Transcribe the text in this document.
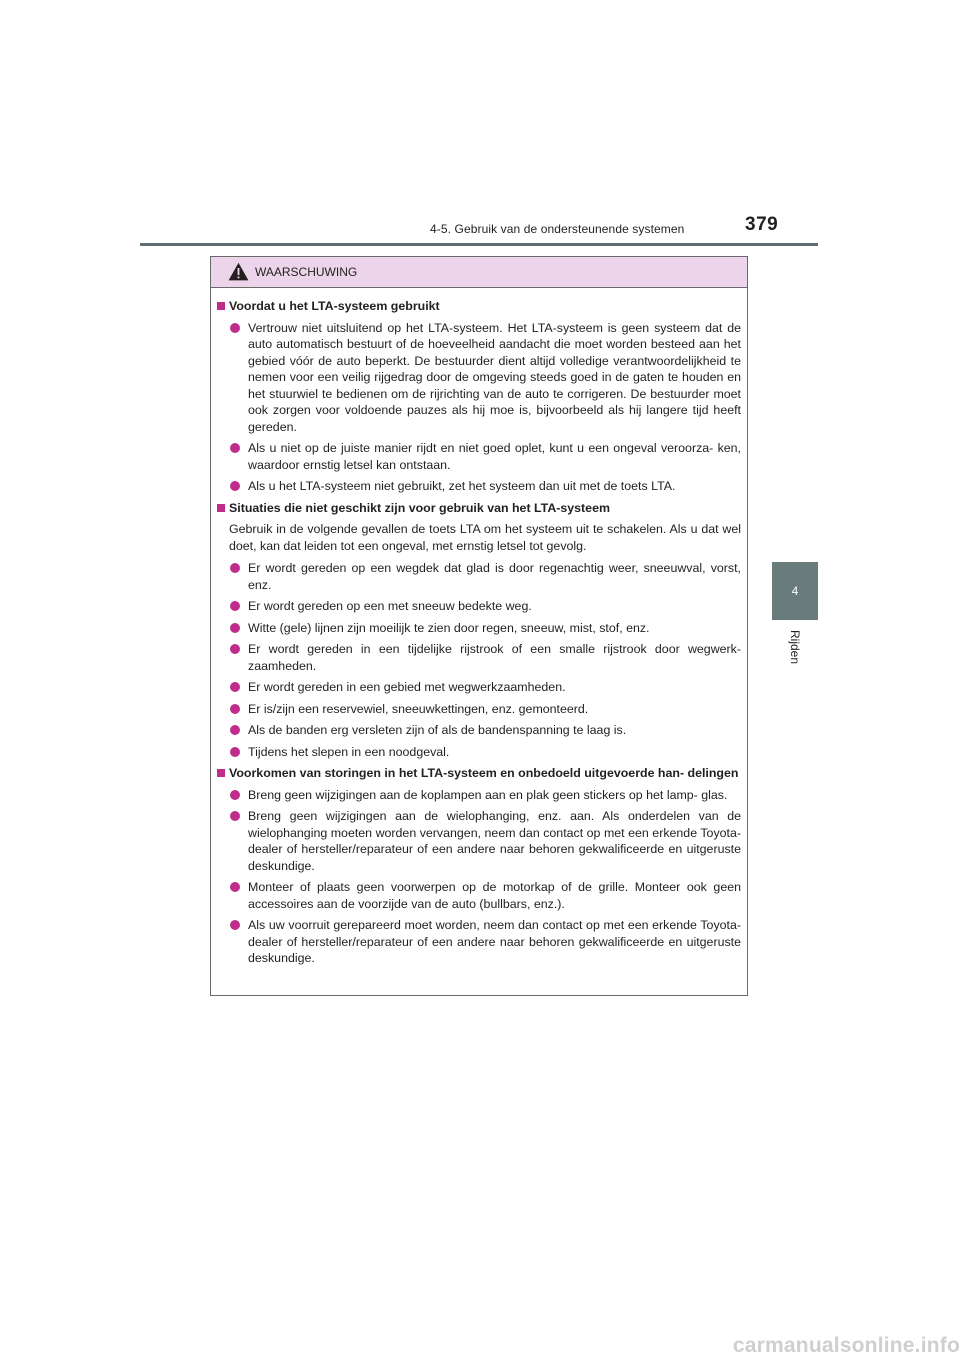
4-5. Gebruik van de ondersteunende systemen	379
4
Rijden
WAARSCHUWING
Voordat u het LTA-systeem gebruikt
Vertrouw niet uitsluitend op het LTA-systeem. Het LTA-systeem is geen systeem dat de auto automatisch bestuurt of de hoeveelheid aandacht die moet worden besteed aan het gebied vóór de auto beperkt. De bestuurder dient altijd volledige verantwoordelijkheid te nemen voor een veilig rijgedrag door de omgeving steeds goed in de gaten te houden en het stuurwiel te bedienen om de rijrichting van de auto te corrigeren. De bestuurder moet ook zorgen voor voldoende pauzes als hij moe is, bijvoorbeeld als hij langere tijd heeft gereden.
Als u niet op de juiste manier rijdt en niet goed oplet, kunt u een ongeval veroorza- ken, waardoor ernstig letsel kan ontstaan.
Als u het LTA-systeem niet gebruikt, zet het systeem dan uit met de toets LTA.
Situaties die niet geschikt zijn voor gebruik van het LTA-systeem
Gebruik in de volgende gevallen de toets LTA om het systeem uit te schakelen. Als u dat wel doet, kan dat leiden tot een ongeval, met ernstig letsel tot gevolg.
Er wordt gereden op een wegdek dat glad is door regenachtig weer, sneeuwval, vorst, enz.
Er wordt gereden op een met sneeuw bedekte weg.
Witte (gele) lijnen zijn moeilijk te zien door regen, sneeuw, mist, stof, enz.
Er wordt gereden in een tijdelijke rijstrook of een smalle rijstrook door wegwerk- zaamheden.
Er wordt gereden in een gebied met wegwerkzaamheden.
Er is/zijn een reservewiel, sneeuwkettingen, enz. gemonteerd.
Als de banden erg versleten zijn of als de bandenspanning te laag is.
Tijdens het slepen in een noodgeval.
Voorkomen van storingen in het LTA-systeem en onbedoeld uitgevoerde han- delingen
Breng geen wijzigingen aan de koplampen aan en plak geen stickers op het lamp- glas.
Breng geen wijzigingen aan de wielophanging, enz. aan. Als onderdelen van de wielophanging moeten worden vervangen, neem dan contact op met een erkende Toyota-dealer of hersteller/reparateur of een andere naar behoren gekwalificeerde en uitgeruste deskundige.
Monteer of plaats geen voorwerpen op de motorkap of de grille. Monteer ook geen accessoires aan de voorzijde van de auto (bullbars, enz.).
Als uw voorruit gerepareerd moet worden, neem dan contact op met een erkende Toyota-dealer of hersteller/reparateur of een andere naar behoren gekwalificeerde en uitgeruste deskundige.
carmanualsonline.info
